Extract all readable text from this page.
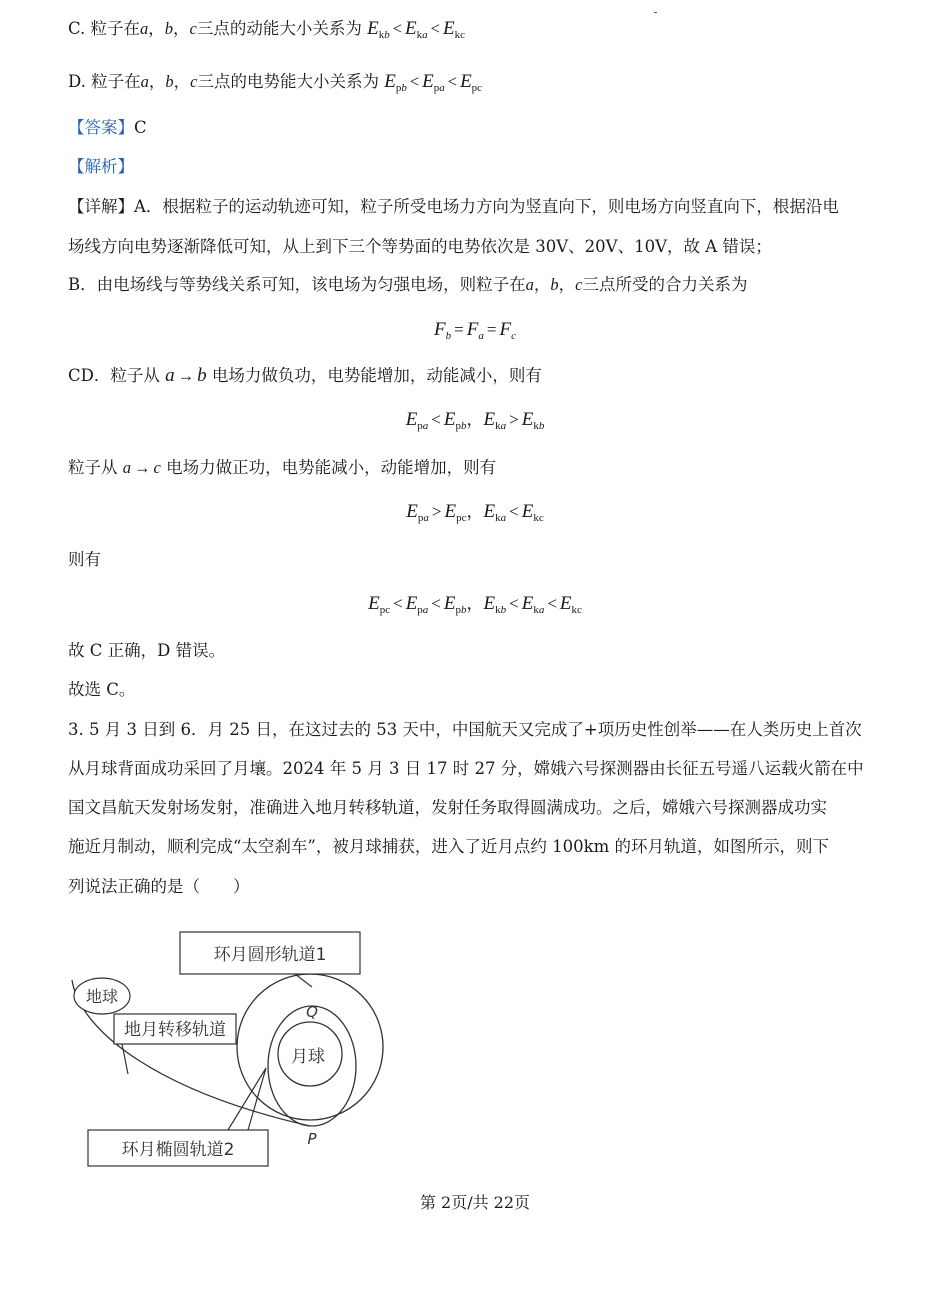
C. 粒子在a，b，c三点的动能大小关系为 $E_{kb} < E_{ka} < E_{kc}$
D. 粒子在a，b，c三点的电势能大小关系为 $E_{pb} < E_{pa} < E_{pc}$
【答案】C
【解析】
【详解】A．根据粒子的运动轨迹可知，粒子所受电场力方向为竖直向下，则电场方向竖直向下，根据沿电
场线方向电势逐渐降低可知，从上到下三个等势面的电势依次是 30V、20V、10V，故 A 错误；
B．由电场线与等势线关系可知，该电场为匀强电场，则粒子在a，b，c三点所受的合力关系为
$F_b = F_a = F_c$
CD．粒子从 a → b 电场力做负功，电势能增加，动能减小，则有
$E_{pa} < E_{pb}$，$E_{ka} > E_{kb}$
粒子从 a → c 电场力做正功，电势能减小，动能增加，则有
$E_{pa} > E_{pc}$，$E_{ka} < E_{kc}$
则有
$E_{pc} < E_{pa} < E_{pb}$，$E_{kb} < E_{ka} < E_{kc}$
故 C 正确，D 错误。
故选 C。
3. 5 月 3 日到 6．月 25 日，在这过去的 53 天中，中国航天又完成了+项历史性创举——在人类历史上首次
从月球背面成功采回了月壤。2024 年 5 月 3 日 17 时 27 分，嫦娥六号探测器由长征五号遥八运载火箭在中
国文昌航天发射场发射，准确进入地月转移轨道，发射任务取得圆满成功。之后，嫦娥六号探测器成功实
施近月制动，顺利完成“太空刹车”，被月球捕获，进入了近月点约 100km 的环月轨道，如图所示，则下
列说法正确的是（　　）
地球
环月圆形轨道1
地月转移轨道
月球
Q
P
环月椭圆轨道2
第 2页/共 22页
